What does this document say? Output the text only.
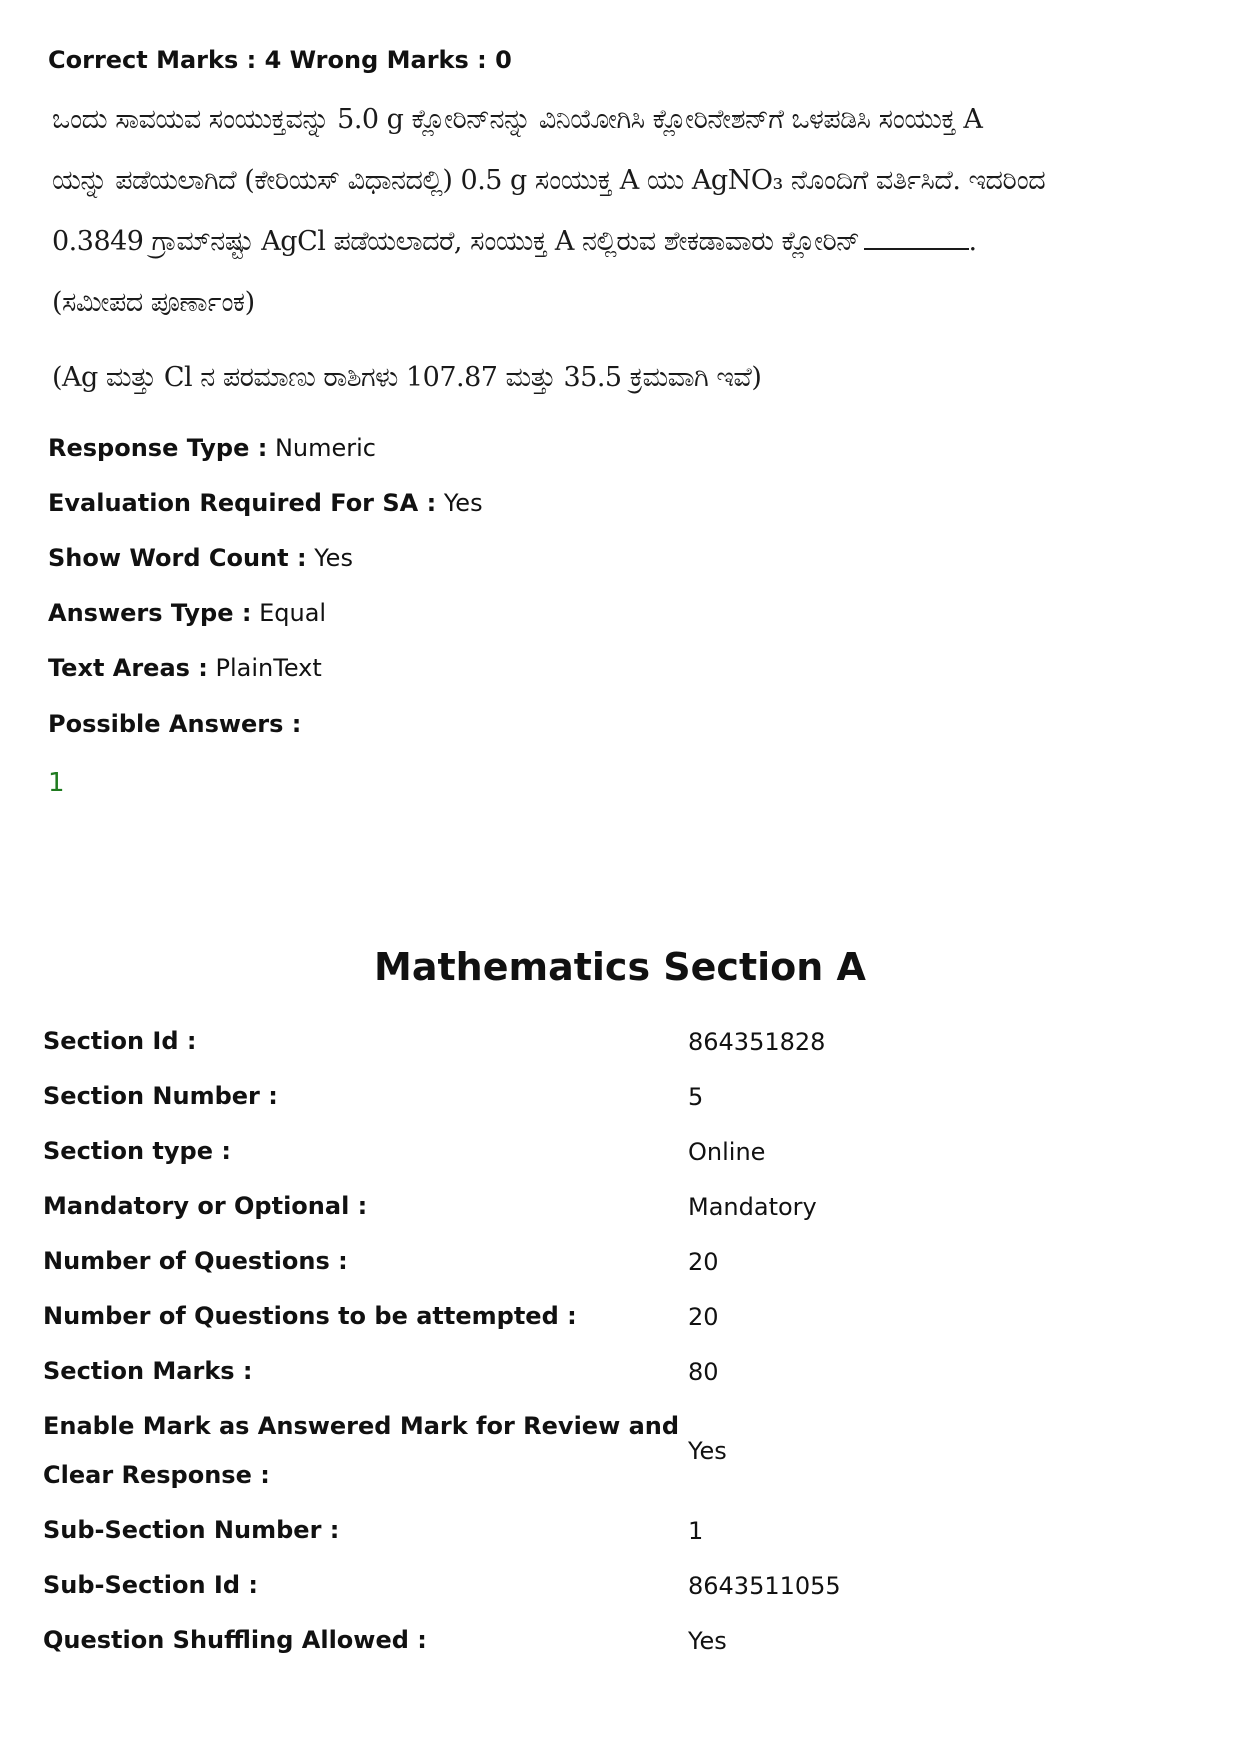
Correct Marks : 4 Wrong Marks : 0
ಒಂದು ಸಾವಯವ ಸಂಯುಕ್ತವನ್ನು 5.0 g ಕ್ಲೋರಿನ್‌ನನ್ನು ವಿನಿಯೋಗಿಸಿ ಕ್ಲೋರಿನೇಶನ್‌ಗೆ ಒಳಪಡಿಸಿ ಸಂಯುಕ್ತ A
ಯನ್ನು ಪಡೆಯಲಾಗಿದೆ (ಕೇರಿಯಸ್ ವಿಧಾನದಲ್ಲಿ) 0.5 g ಸಂಯುಕ್ತ A ಯು AgNO₃ ನೊಂದಿಗೆ ವರ್ತಿಸಿದೆ. ಇದರಿಂದ
0.3849 ಗ್ರಾಮ್‌ನಷ್ಟು AgCl ಪಡೆಯಲಾದರೆ, ಸಂಯುಕ್ತ A ನಲ್ಲಿರುವ ಶೇಕಡಾವಾರು ಕ್ಲೋರಿನ್	.
(ಸಮೀಪದ ಪೂರ್ಣಾಂಕ)
(Ag ಮತ್ತು Cl ನ ಪರಮಾಣು ರಾಶಿಗಳು 107.87 ಮತ್ತು 35.5 ಕ್ರಮವಾಗಿ ಇವೆ)
Response Type : Numeric
Evaluation Required For SA : Yes
Show Word Count : Yes
Answers Type : Equal
Text Areas : PlainText
Possible Answers :
1
Mathematics Section A
Section Id :	864351828
Section Number :	5
Section type :	Online
Mandatory or Optional :	Mandatory
Number of Questions :	20
Number of Questions to be attempted :	20
Section Marks :	80
Enable Mark as Answered Mark for Review and Clear Response :
Yes
Sub-Section Number :	1
Sub-Section Id :	8643511055
Question Shuffling Allowed :	Yes
